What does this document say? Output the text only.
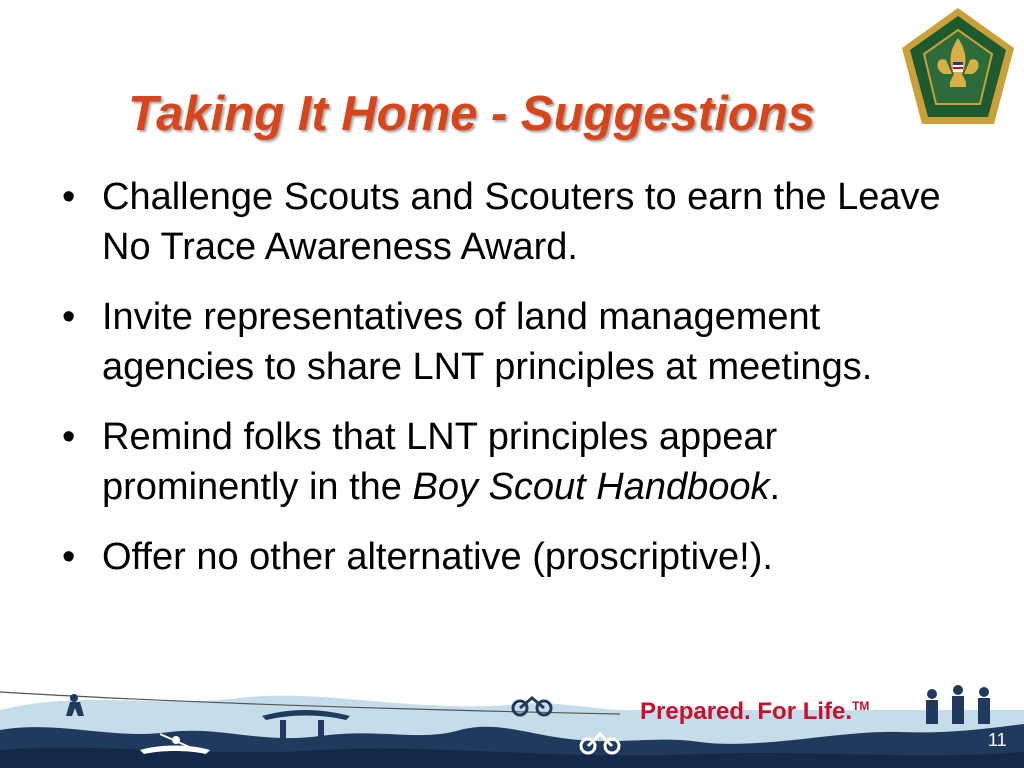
Taking It Home - Suggestions
• Challenge Scouts and Scouters to earn the Leave No Trace Awareness Award.
• Invite representatives of land management agencies to share LNT principles at meetings.
• Remind folks that LNT principles appear prominently in the Boy Scout Handbook.
• Offer no other alternative (proscriptive!).
Prepared. For Life.™
11
